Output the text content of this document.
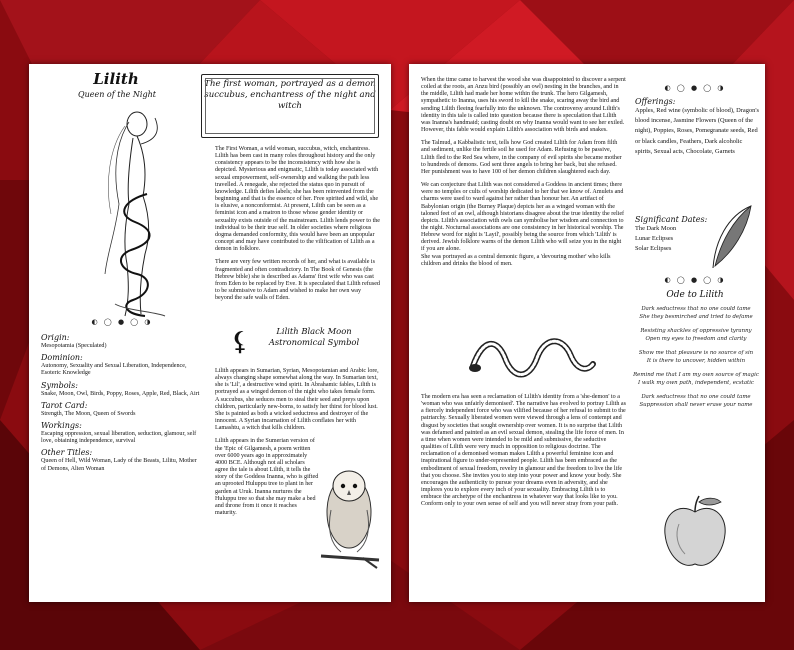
Lilith
Queen of the Night
The first woman, portrayed as a demon succubus, enchantress of the night and witch

The First Woman, a wild woman, succubus, witch, enchantress. Lilith has been cast in many roles throughout history and the only consistency appears to be the inconsistency with how she is depicted. Mysterious and enigmatic, Lilith is today associated with sexual empowerment, self-ownership and walking the path less travelled. A renegade, she rejected the status quo in pursuit of knowledge. Lilith defies labels; she has been reinvented from the beginning and that is the essence of her. Free spirited and wild, she is elusive, a nonconformist. At present, Lilith can be seen as a feminist icon and a matron to those whose gender identity or sexuality exists outside of the mainstream. Lilith lends power to the individual to be their true self. In older societies where religious dogma demanded conformity, this would have been an unpopular concept and may have contributed to the vilification of Lilith as a demon in folklore.

There are very few written records of her, and what is available is fragmented and often contradictory. In The Book of Genesis (the Hebrew bible) she is described as Adams' first wife who was cast from Eden to be replaced by Eve. It is speculated that Lilith refused to be submissive to Adam and wished to make her own way beyond the safe walls of Eden.

⚸	Lilith Black Moon Astronomical Symbol

Lilith appears in Sumarian, Syrian, Mesopotamian and Arabic lore, always changing shape somewhat along the way. In Sumarian text, she is 'Lil', a destructive wind spirit. In Abrahamic fables, Lilith is portrayed as a winged demon of the night who takes female form. A succubus, she seduces men to steal their seed and preys upon children, particularly new-borns, to satisfy her thirst for blood lust. She is painted as both a wicked seductress and destroyer of the innocent. A Syrian incarnation of Lilith conflates her with Lamashtu, a witch that kills children.

Lilith appears in the Sumerian version of the 'Epic of Gilgamesh, a poem written over 6000 years ago in approximately 4000 BCE. Although not all scholars agree the tale is about Lilith, it tells the story of the Goddess Inanna, who is gifted an uprooted Huluppu tree to plant in her garden at Uruk. Inanna nurtures the Huluppu tree so that she may make a bed and throne from it once it reaches maturity.

◐ ◯ ● ◯ ◑
Origin:
Mesopotamia (Speculated)
Dominion:
Autonomy, Sexuality and Sexual Liberation, Independence, Esoteric Knowledge
Symbols:
Snake, Moon, Owl, Birds, Poppy, Roses, Apple, Red, Black, Airt
Tarot Card:
Strength, The Moon, Queen of Swords
Workings:
Escaping oppression, sexual liberation, seduction, glamour, self love, obtaining independence, survival
Other Titles:
Queen of Hell, Wild Woman, Lady of the Beasts, Lilitu, Mother of Demons, Alien Woman

When the time came to harvest the wood she was disappointed to discover a serpent coiled at the roots, an Anzu bird (possibly an owl) nesting in the branches, and in the middle, Lilith had made her home within the trunk. The hero Gilgamesh, sympathetic to Inanna, uses his sword to kill the snake, scaring away the bird and sending Lilith fleeing fearfully into the unknown. The controversy around Lilith's identity in this tale is called into question because there is speculation that Lilith was Inanna's handmaid; casting doubt on why Inanna would want to see her exiled. However, this fable would explain Lilith's association with birds and snakes.

The Talmud, a Kabbalistic text, tells how God created Lilith for Adam from filth and sediment, unlike the fertile soil he used for Adam. Refusing to be passive, Lilith fled to the Red Sea where, in the company of evil spirits she became mother to hundreds of demons. God sent three angels to bring her back, but she refused. Her punishment was to have 100 of her demon children slaughtered each day.

We can conjecture that Lilith was not considered a Goddess in ancient times; there were no temples or cults of worship dedicated to her that we know of. Amulets and charms were used to ward against her rather than honour her. An artifact of Babylonian origin (the Burney Plaque) depicts her as a winged woman with the taloned feet of an owl, although historians disagree about the true identity the relief depicts. Lilith's association with owls can symbolise her wisdom and connection to the night. Nocturnal associations are one consistency in her historical worship. The Hebrew word for night is 'Layil', possibly being the source from which 'Lilith' is derived. Jewish folklore warns of the demon Lilith who will seize you in the night if you are alone.

She was portrayed as a central demonic figure, a 'devouring mother' who kills children and drinks the blood of men.

The modern era has seen a reclamation of Lilith's identity from a 'she-demon' to a 'woman who was unfairly demonised'. The narrative has evolved to portray Lilith as a fiercely independent force who was vilified because of her refusal to submit to the patriarchy. Sexually liberated women were viewed through a lens of contempt and disgust by societies that sought ownership over women. It is no surprise that Lilith was defamed and painted as an evil sexual demon, stealing the life force of men. In a time when women were intended to be mild and submissive, the seductive qualities of Lilith were very much in opposition to religious doctrine. The reclamation of a demonised woman makes Lilith a powerful feminine icon and inspirational figure to under-represented people. Lilith has been embraced as the embodiment of sexual freedom, revelry in glamour and the freedom to live the life that you choose. She invites you to step into your power and know your body. She encourages the authenticity to pursue your dreams even in adversity, and she implores you to explore every inch of your sexuality. Embracing Lilith is to embrace the archetype of the enchantress in whatever way that looks like to you. Conform only to your own sense of self and you will never stray from your path.

◐ ◯ ● ◯ ◑
Offerings:
Apples, Red wine (symbolic of blood), Dragon's blood incense, Jasmine Flowers (Queen of the night), Poppies, Roses, Pomegranate seeds, Red or black candles, Feathers, Dark alcoholic spirits, Sexual acts, Chocolate, Garnets
Significant Dates:
The Dark Moon
Lunar Eclipses
Solar Eclipses
◐ ◯ ● ◯ ◑
Ode to Lilith
Dark seductress that no one could tame
She they besmirched and tried to defame
Resisting shackles of oppressive tyranny
Open my eyes to freedom and clarity
Show me that pleasure is no source of sin
It is there to uncover, hidden within
Remind me that I am my own source of magic
I walk my own path, independent, ecstatic
Dark seductress that no one could tame
Suppression shall never erase your name
